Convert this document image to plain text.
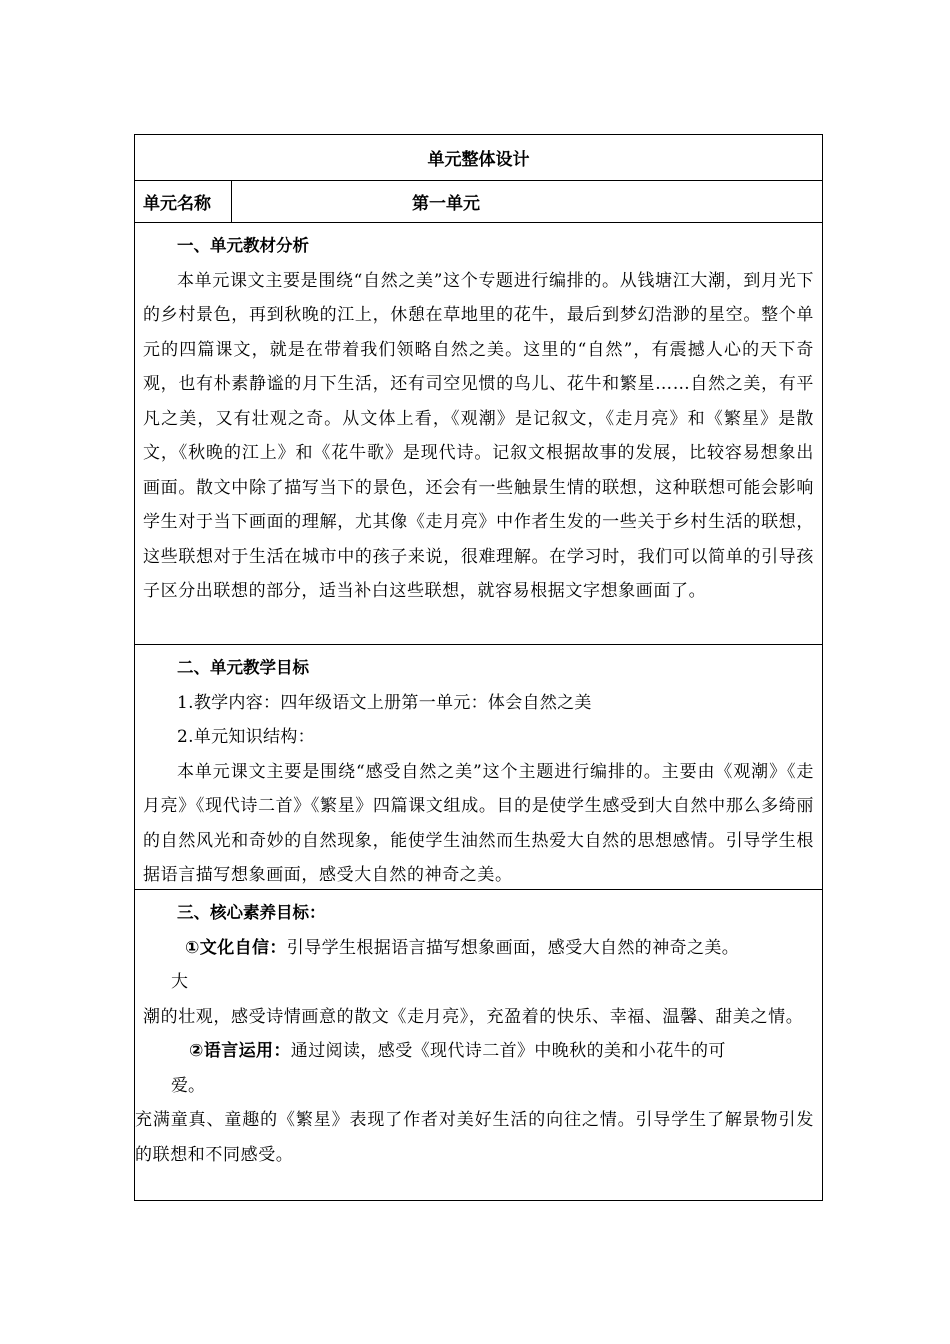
单元整体设计
单元名称	第一单元
一、单元教材分析

本单元课文主要是围绕“自然之美”这个专题进行编排的。从钱塘江大潮，到月光下的乡村景色，再到秋晚的江上，休憩在草地里的花牛，最后到梦幻浩渺的星空。整个单元的四篇课文，就是在带着我们领略自然之美。这里的“自然”，有震撼人心的天下奇观，也有朴素静谧的月下生活，还有司空见惯的鸟儿、花牛和繁星……自然之美，有平凡之美，又有壮观之奇。从文体上看，《观潮》是记叙文，《走月亮》和《繁星》是散文，《秋晚的江上》和《花牛歌》是现代诗。记叙文根据故事的发展，比较容易想象出画面。散文中除了描写当下的景色，还会有一些触景生情的联想，这种联想可能会影响学生对于当下画面的理解，尤其像《走月亮》中作者生发的一些关于乡村生活的联想，这些联想对于生活在城市中的孩子来说，很难理解。在学习时，我们可以简单的引导孩子区分出联想的部分，适当补白这些联想，就容易根据文字想象画面了。

二、单元教学目标

1.教学内容：四年级语文上册第一单元：体会自然之美

2.单元知识结构：

本单元课文主要是围绕“感受自然之美”这个主题进行编排的。主要由《观潮》《走月亮》《现代诗二首》《繁星》四篇课文组成。目的是使学生感受到大自然中那么多绮丽的自然风光和奇妙的自然现象，能使学生油然而生热爱大自然的思想感情。引导学生根据语言描写想象画面，感受大自然的神奇之美。

三、核心素养目标：

①文化自信：引导学生根据语言描写想象画面，感受大自然的神奇之美。

大

潮的壮观，感受诗情画意的散文《走月亮》，充盈着的快乐、幸福、温馨、甜美之情。

②语言运用：通过阅读，感受《现代诗二首》中晚秋的美和小花牛的可

爱。

充满童真、童趣的《繁星》表现了作者对美好生活的向往之情。引导学生了解景物引发的联想和不同感受。
